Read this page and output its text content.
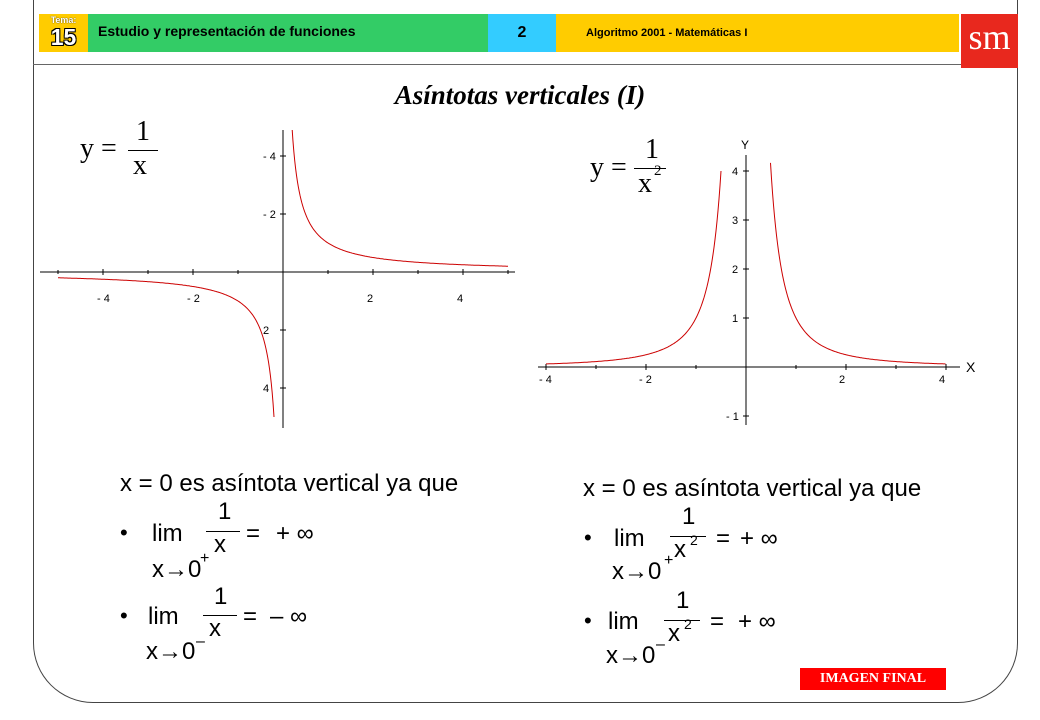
Tema:
15	Estudio y representación de funciones	2	Algoritmo 2001 - Matemáticas I	sm
Asíntotas verticales (I)
y =
1
x	y =
1
x 2
- 4	- 2	2	4
4
2
- 2
- 4
X
Y
- 4	- 2	2	4
4
3
2
1
- 1
x = 0 es asíntota vertical ya que
• lim
1
x = + ∞
x→0
+
• lim
1
x = – ∞
x→0 –
x = 0 es asíntota vertical ya que
• lim
1
x 2 = + ∞
x→0 +
• lim
1
x 2 = + ∞
x→0 –
IMAGEN FINAL
